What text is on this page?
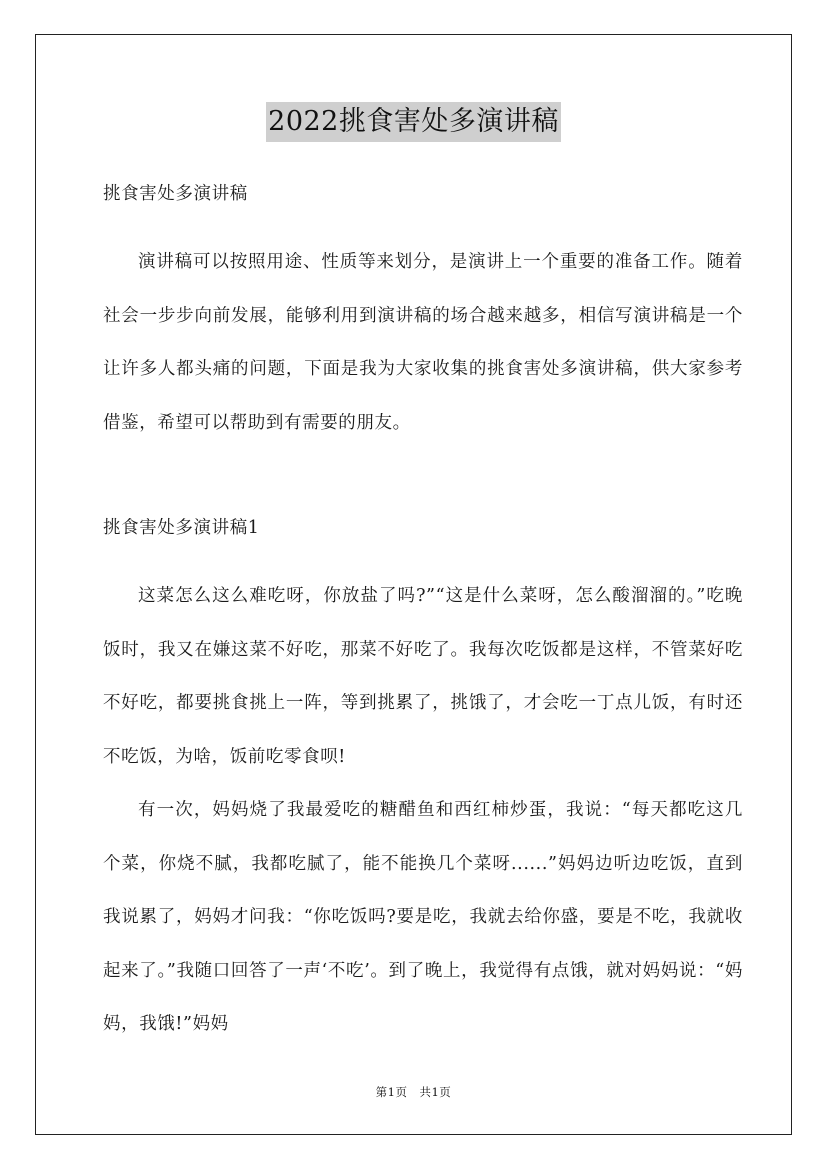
2022挑食害处多演讲稿

挑食害处多演讲稿

演讲稿可以按照用途、性质等来划分，是演讲上一个重要的准备工作。随着社会一步步向前发展，能够利用到演讲稿的场合越来越多，相信写演讲稿是一个让许多人都头痛的问题，下面是我为大家收集的挑食害处多演讲稿，供大家参考借鉴，希望可以帮助到有需要的朋友。

挑食害处多演讲稿1

这菜怎么这么难吃呀，你放盐了吗?”“这是什么菜呀，怎么酸溜溜的。”吃晚饭时，我又在嫌这菜不好吃，那菜不好吃了。我每次吃饭都是这样，不管菜好吃不好吃，都要挑食挑上一阵，等到挑累了，挑饿了，才会吃一丁点儿饭，有时还不吃饭，为啥，饭前吃零食呗!

有一次，妈妈烧了我最爱吃的糖醋鱼和西红柿炒蛋，我说：“每天都吃这几个菜，你烧不腻，我都吃腻了，能不能换几个菜呀......”妈妈边听边吃饭，直到我说累了，妈妈才问我：“你吃饭吗?要是吃，我就去给你盛，要是不吃，我就收起来了。”我随口回答了一声‘不吃’。到了晚上，我觉得有点饿，就对妈妈说：“妈妈，我饿!”妈妈

第1页　共1页
